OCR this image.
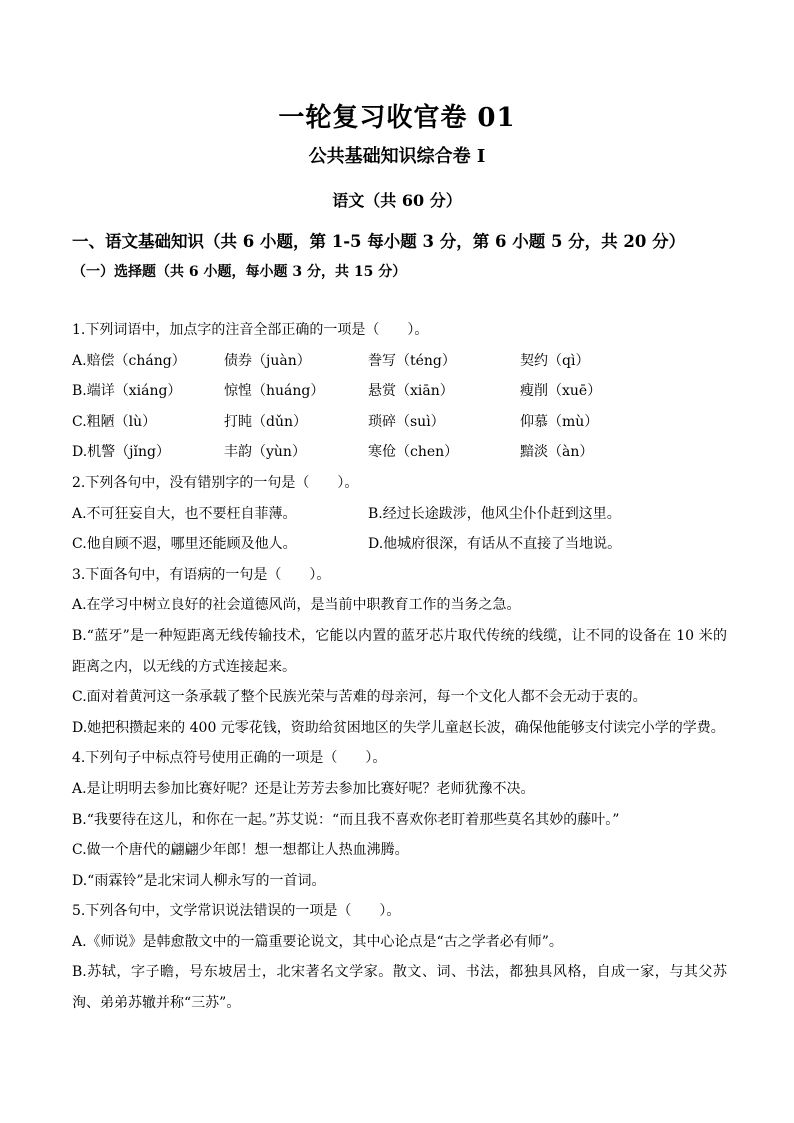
一轮复习收官卷 01
公共基础知识综合卷 I
语文（共 60 分）
一、语文基础知识（共 6 小题，第 1-5 每小题 3 分，第 6 小题 5 分，共 20 分）
（一）选择题（共 6 小题，每小题 3 分，共 15 分）
1.下列词语中，加点字的注音全部正确的一项是（　　）。
A.赔偿（cháng）	债券（juàn）	誊写（téng）	契约（qì）
B.端详（xiáng）	惊惶（huáng）	悬赏（xiān）	瘦削（xuē）
C.粗陋（lù）	打盹（dǔn）	琐碎（suì）	仰慕（mù）
D.机警（jǐng）	丰韵（yùn）	寒伧（chen）	黯淡（àn）
2.下列各句中，没有错别字的一句是（　　）。
A.不可狂妄自大，也不要枉自菲薄。	B.经过长途跋涉，他风尘仆仆赶到这里。
C.他自顾不遐，哪里还能顾及他人。	D.他城府很深，有话从不直接了当地说。
3.下面各句中，有语病的一句是（　　）。
A.在学习中树立良好的社会道德风尚，是当前中职教育工作的当务之急。
B.“蓝牙”是一种短距离无线传输技术，它能以内置的蓝牙芯片取代传统的线缆，让不同的设备在 10 米的距离之内，以无线的方式连接起来。
C.面对着黄河这一条承载了整个民族光荣与苦难的母亲河，每一个文化人都不会无动于衷的。
D.她把积攒起来的 400 元零花钱，资助给贫困地区的失学儿童赵长波，确保他能够支付读完小学的学费。
4.下列句子中标点符号使用正确的一项是（　　）。
A.是让明明去参加比赛好呢？还是让芳芳去参加比赛好呢？老师犹豫不决。
B.“我要待在这儿，和你在一起。”苏艾说：“而且我不喜欢你老盯着那些莫名其妙的藤叶。”
C.做一个唐代的翩翩少年郎！想一想都让人热血沸腾。
D.“雨霖铃”是北宋词人柳永写的一首词。
5.下列各句中，文学常识说法错误的一项是（　　）。
A.《师说》是韩愈散文中的一篇重要论说文，其中心论点是“古之学者必有师”。
B.苏轼，字子瞻，号东坡居士，北宋著名文学家。散文、词、书法，都独具风格，自成一家，与其父苏洵、弟弟苏辙并称“三苏”。
